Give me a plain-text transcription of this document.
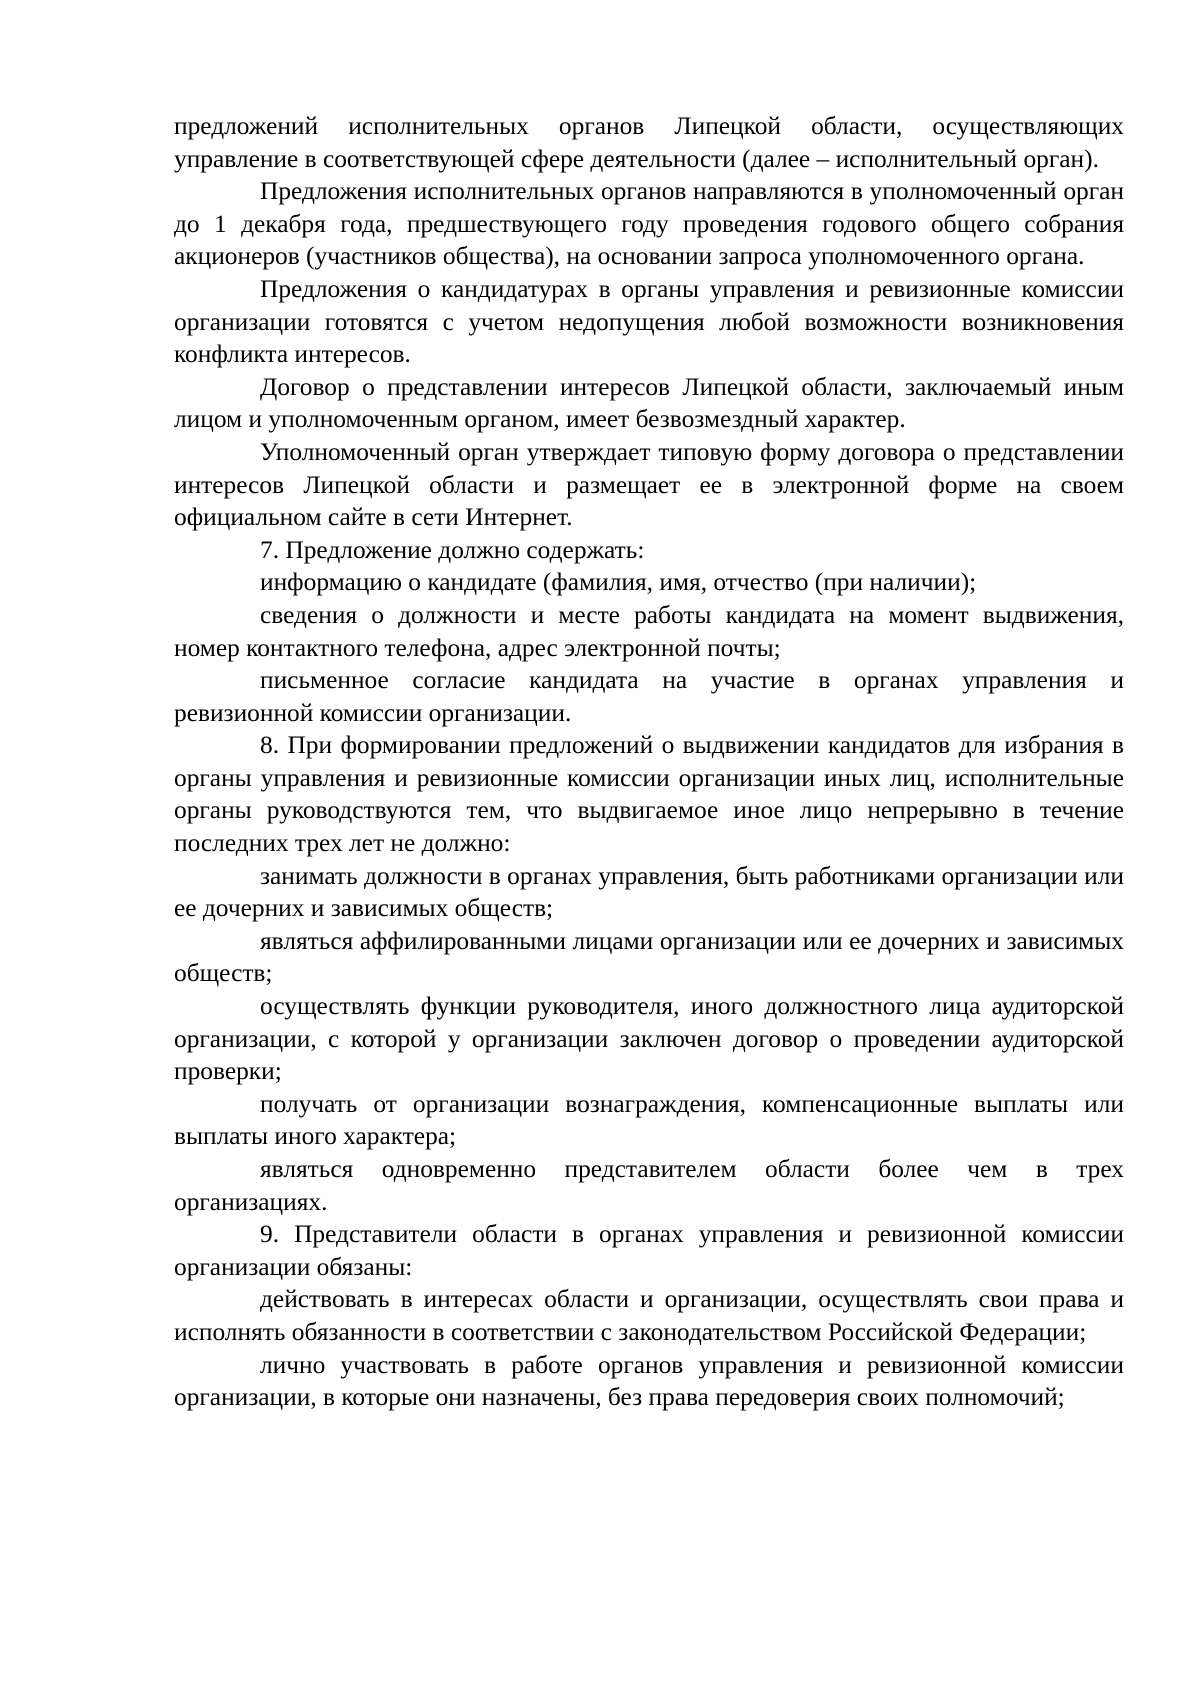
предложений исполнительных органов Липецкой области, осуществляющих управление в соответствующей сфере деятельности (далее – исполнительный орган).

Предложения исполнительных органов направляются в уполномоченный орган до 1 декабря года, предшествующего году проведения годового общего собрания акционеров (участников общества), на основании запроса уполномоченного органа.

Предложения о кандидатурах в органы управления и ревизионные комиссии организации готовятся с учетом недопущения любой возможности возникновения конфликта интересов.

Договор о представлении интересов Липецкой области, заключаемый иным лицом и уполномоченным органом, имеет безвозмездный характер.

Уполномоченный орган утверждает типовую форму договора о представлении интересов Липецкой области и размещает ее в электронной форме на своем официальном сайте в сети Интернет.

7. Предложение должно содержать:

информацию о кандидате (фамилия, имя, отчество (при наличии);

сведения о должности и месте работы кандидата на момент выдвижения, номер контактного телефона, адрес электронной почты;

письменное согласие кандидата на участие в органах управления и ревизионной комиссии организации.

8. При формировании предложений о выдвижении кандидатов для избрания в органы управления и ревизионные комиссии организации иных лиц, исполнительные органы руководствуются тем, что выдвигаемое иное лицо непрерывно в течение последних трех лет не должно:

занимать должности в органах управления, быть работниками организации или ее дочерних и зависимых обществ;

являться аффилированными лицами организации или ее дочерних и зависимых обществ;

осуществлять функции руководителя, иного должностного лица аудиторской организации, с которой у организации заключен договор о проведении аудиторской проверки;

получать от организации вознаграждения, компенсационные выплаты или выплаты иного характера;

являться одновременно представителем области более чем в трех организациях.

9. Представители области в органах управления и ревизионной комиссии организации обязаны:

действовать в интересах области и организации, осуществлять свои права и исполнять обязанности в соответствии с законодательством Российской Федерации;

лично участвовать в работе органов управления и ревизионной комиссии организации, в которые они назначены, без права передоверия своих полномочий;
